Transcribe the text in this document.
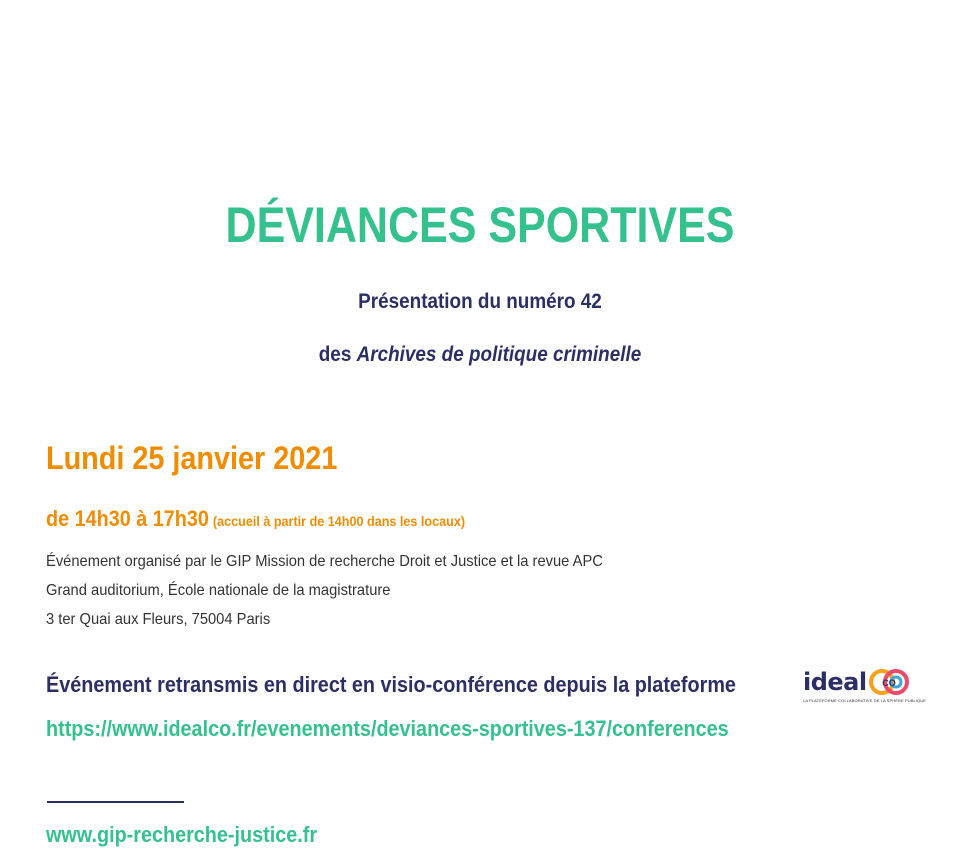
DÉVIANCES SPORTIVES
Présentation du numéro 42
des Archives de politique criminelle
Lundi 25 janvier 2021
de 14h30 à 17h30 (accueil à partir de 14h00 dans les locaux)
Événement organisé par le GIP Mission de recherche Droit et Justice et la revue APC
Grand auditorium, École nationale de la magistrature
3 ter Quai aux Fleurs, 75004 Paris
Événement retransmis en direct en visio-conférence depuis la plateforme	ideal CO
LA PLATEFORME COLLABORATIVE DE LA SPHÈRE PUBLIQUE
https://www.idealco.fr/evenements/deviances-sportives-137/conferences
www.gip-recherche-justice.fr
